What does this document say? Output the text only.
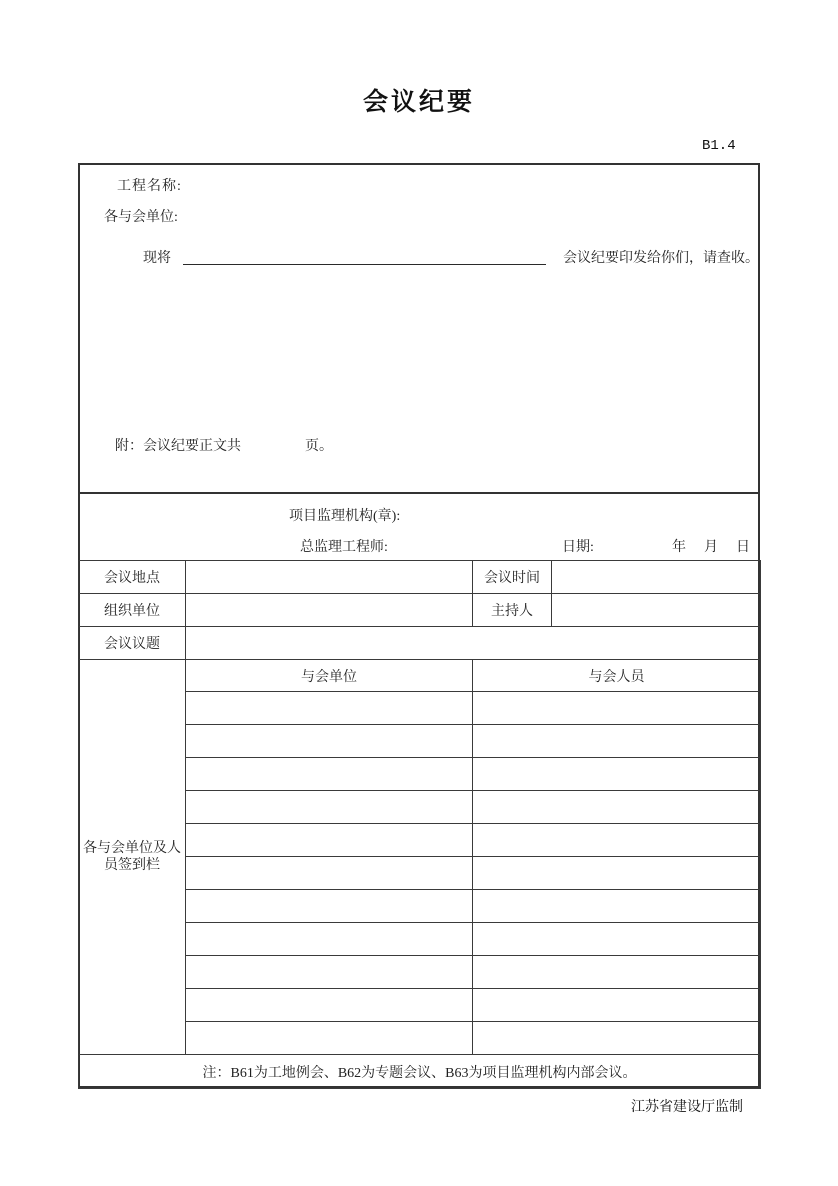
会议纪要
B1.4
工程名称:
各与会单位:
现将	会议纪要印发给你们，请查收。
附：会议纪要正文共	页。
项目监理机构(章):
总监理工程师:	日期:	年　月　日
会议地点		会议时间	
组织单位		主持人	
会议议题			
各与会单位及人员签到栏	与会单位	与会人员	

注：B61为工地例会、B62为专题会议、B63为项目监理机构内部会议。			
江苏省建设厅监制
